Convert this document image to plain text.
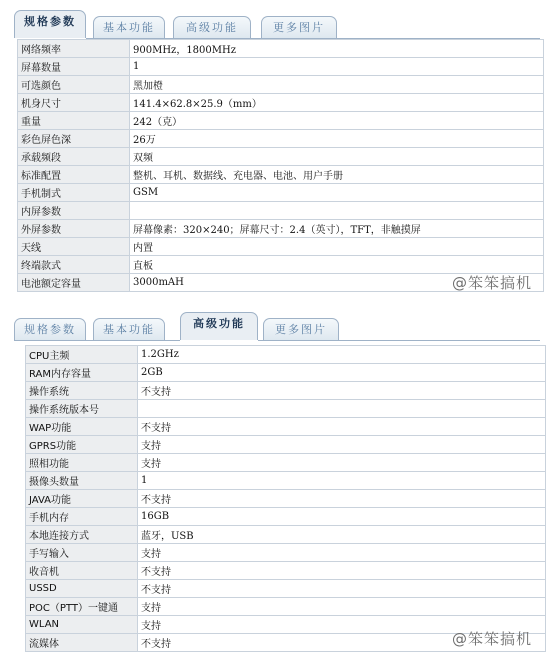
规格参数	基本功能	高级功能	更多图片
网络频率	900MHz，1800MHz
屏幕数量	1
可选颜色	黑加橙
机身尺寸	141.4×62.8×25.9（mm）
重量	242（克）
彩色屏色深	26万
承载频段	双频
标准配置	整机、耳机、数据线、充电器、电池、用户手册
手机制式	GSM
内屏参数	
外屏参数	屏幕像素：320×240；屏幕尺寸：2.4（英寸），TFT，非触摸屏
天线	内置
终端款式	直板
电池额定容量	3000mAH	@笨笨搞机
规格参数	基本功能	高级功能	更多图片
CPU主频	1.2GHz
RAM内存容量	2GB
操作系统	不支持
操作系统版本号	
WAP功能	不支持
GPRS功能	支持
照相功能	支持
摄像头数量	1
JAVA功能	不支持
手机内存	16GB
本地连接方式	蓝牙，USB
手写输入	支持
收音机	不支持
USSD	不支持
POC（PTT）一键通	支持
WLAN	支持
流媒体	不支持	@笨笨搞机
